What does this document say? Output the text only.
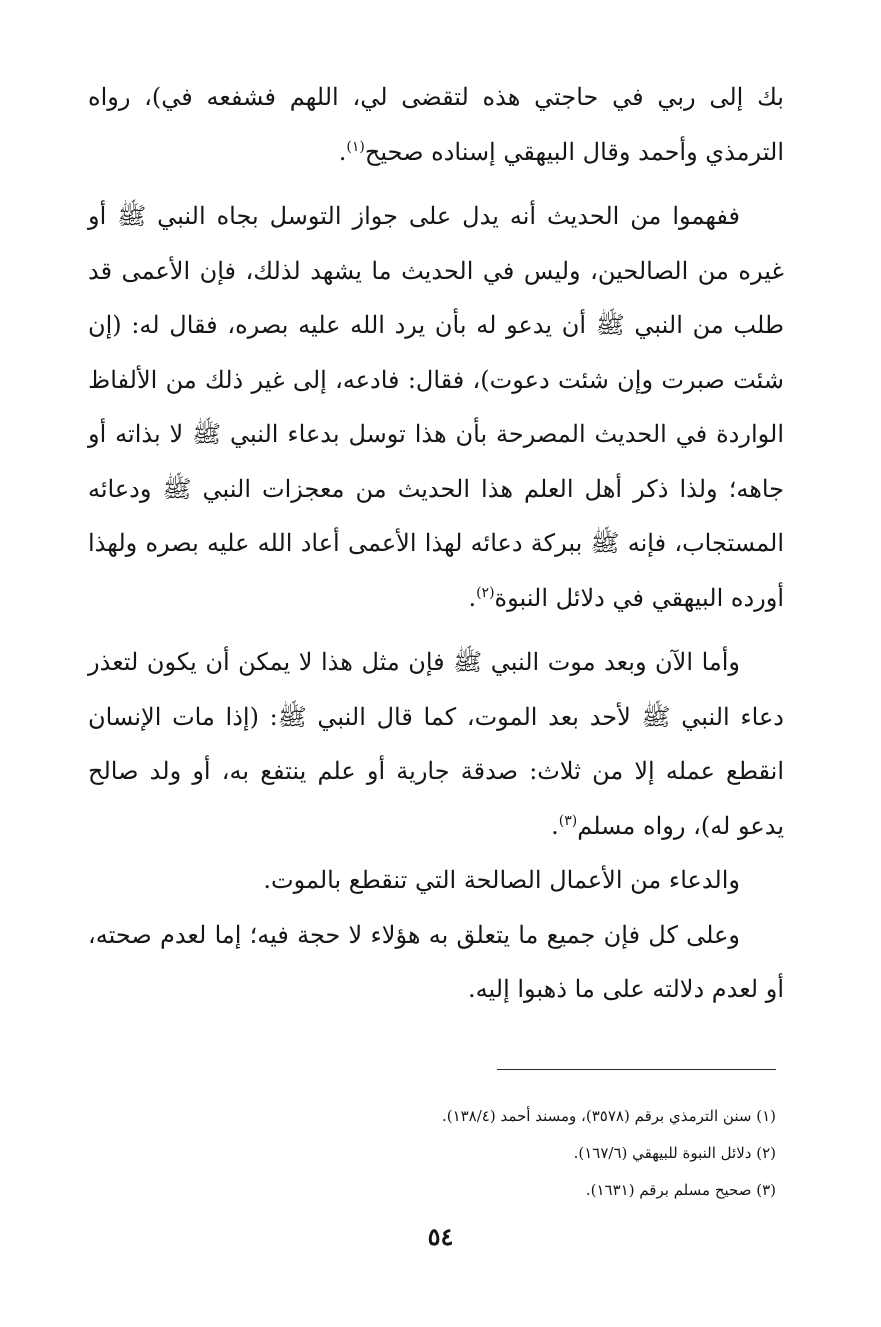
بك إلى ربي في حاجتي هذه لتقضى لي، اللهم فشفعه في)، رواه الترمذي وأحمد وقال البيهقي إسناده صحيح$^{(١)}$.

ففهموا من الحديث أنه يدل على جواز التوسل بجاه النبي ﷺ أو غيره من الصالحين، وليس في الحديث ما يشهد لذلك، فإن الأعمى قد طلب من النبي ﷺ أن يدعو له بأن يرد الله عليه بصره، فقال له: (إن شئت صبرت وإن شئت دعوت)، فقال: فادعه، إلى غير ذلك من الألفاظ الواردة في الحديث المصرحة بأن هذا توسل بدعاء النبي ﷺ لا بذاته أو جاهه؛ ولذا ذكر أهل العلم هذا الحديث من معجزات النبي ﷺ ودعائه المستجاب، فإنه ﷺ ببركة دعائه لهذا الأعمى أعاد الله عليه بصره ولهذا أورده البيهقي في دلائل النبوة$^{(٢)}$.

وأما الآن وبعد موت النبي ﷺ فإن مثل هذا لا يمكن أن يكون لتعذر دعاء النبي ﷺ لأحد بعد الموت، كما قال النبي ﷺ: (إذا مات الإنسان انقطع عمله إلا من ثلاث: صدقة جارية أو علم ينتفع به، أو ولد صالح يدعو له)، رواه مسلم$^{(٣)}$.

والدعاء من الأعمال الصالحة التي تنقطع بالموت.

وعلى كل فإن جميع ما يتعلق به هؤلاء لا حجة فيه؛ إما لعدم صحته، أو لعدم دلالته على ما ذهبوا إليه.

(١) سنن الترمذي برقم (٣٥٧٨)، ومسند أحمد (١٣٨/٤).
(٢) دلائل النبوة للبيهقي (١٦٧/٦).
(٣) صحيح مسلم برقم (١٦٣١).
٥٤
